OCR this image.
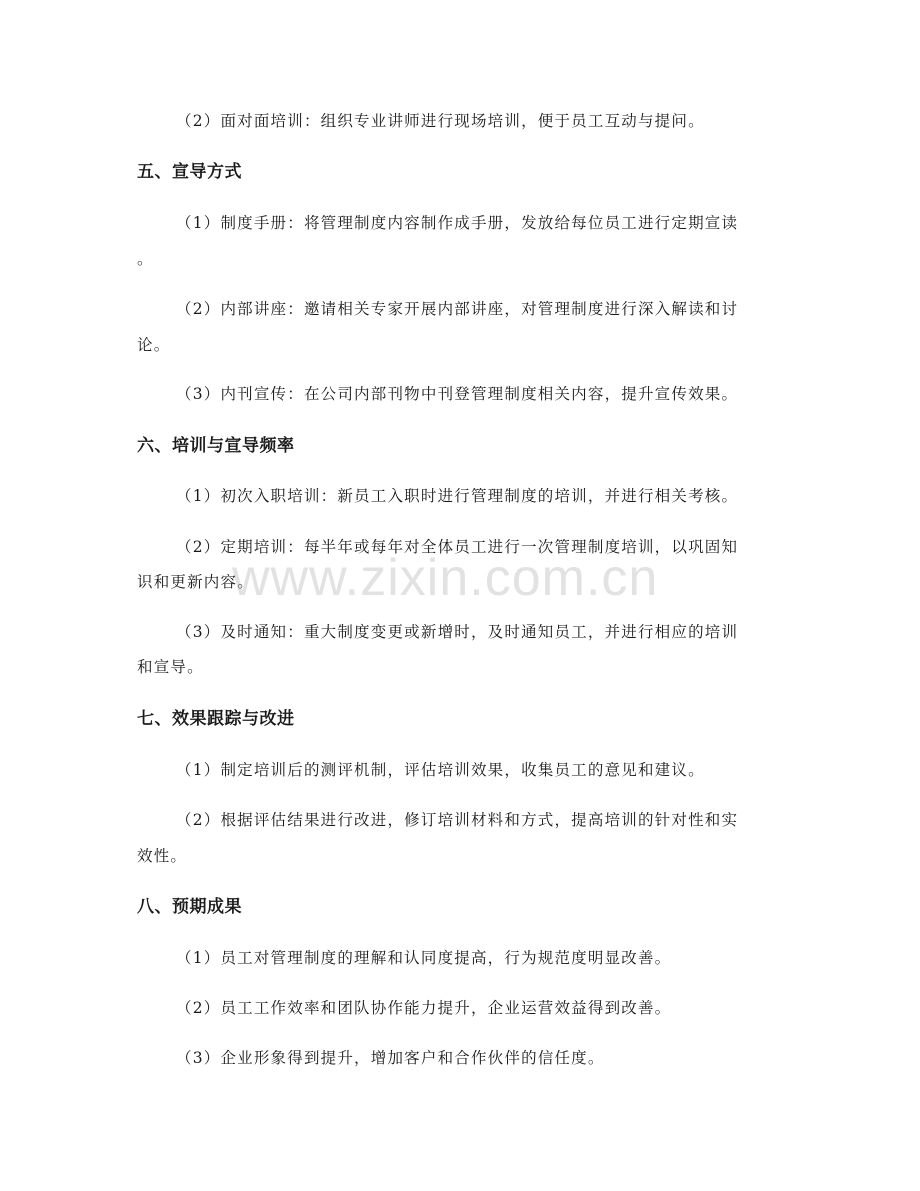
（2）面对面培训：组织专业讲师进行现场培训，便于员工互动与提问。
五、宣导方式
（1）制度手册：将管理制度内容制作成手册，发放给每位员工进行定期宣读
。
（2）内部讲座：邀请相关专家开展内部讲座，对管理制度进行深入解读和讨
论。
（3）内刊宣传：在公司内部刊物中刊登管理制度相关内容，提升宣传效果。
六、培训与宣导频率
（1）初次入职培训：新员工入职时进行管理制度的培训，并进行相关考核。
（2）定期培训：每半年或每年对全体员工进行一次管理制度培训，以巩固知
识和更新内容。
（3）及时通知：重大制度变更或新增时，及时通知员工，并进行相应的培训
和宣导。
七、效果跟踪与改进
（1）制定培训后的测评机制，评估培训效果，收集员工的意见和建议。
（2）根据评估结果进行改进，修订培训材料和方式，提高培训的针对性和实
效性。
八、预期成果
（1）员工对管理制度的理解和认同度提高，行为规范度明显改善。
（2）员工工作效率和团队协作能力提升，企业运营效益得到改善。
（3）企业形象得到提升，增加客户和合作伙伴的信任度。
www.zixin.com.cn
